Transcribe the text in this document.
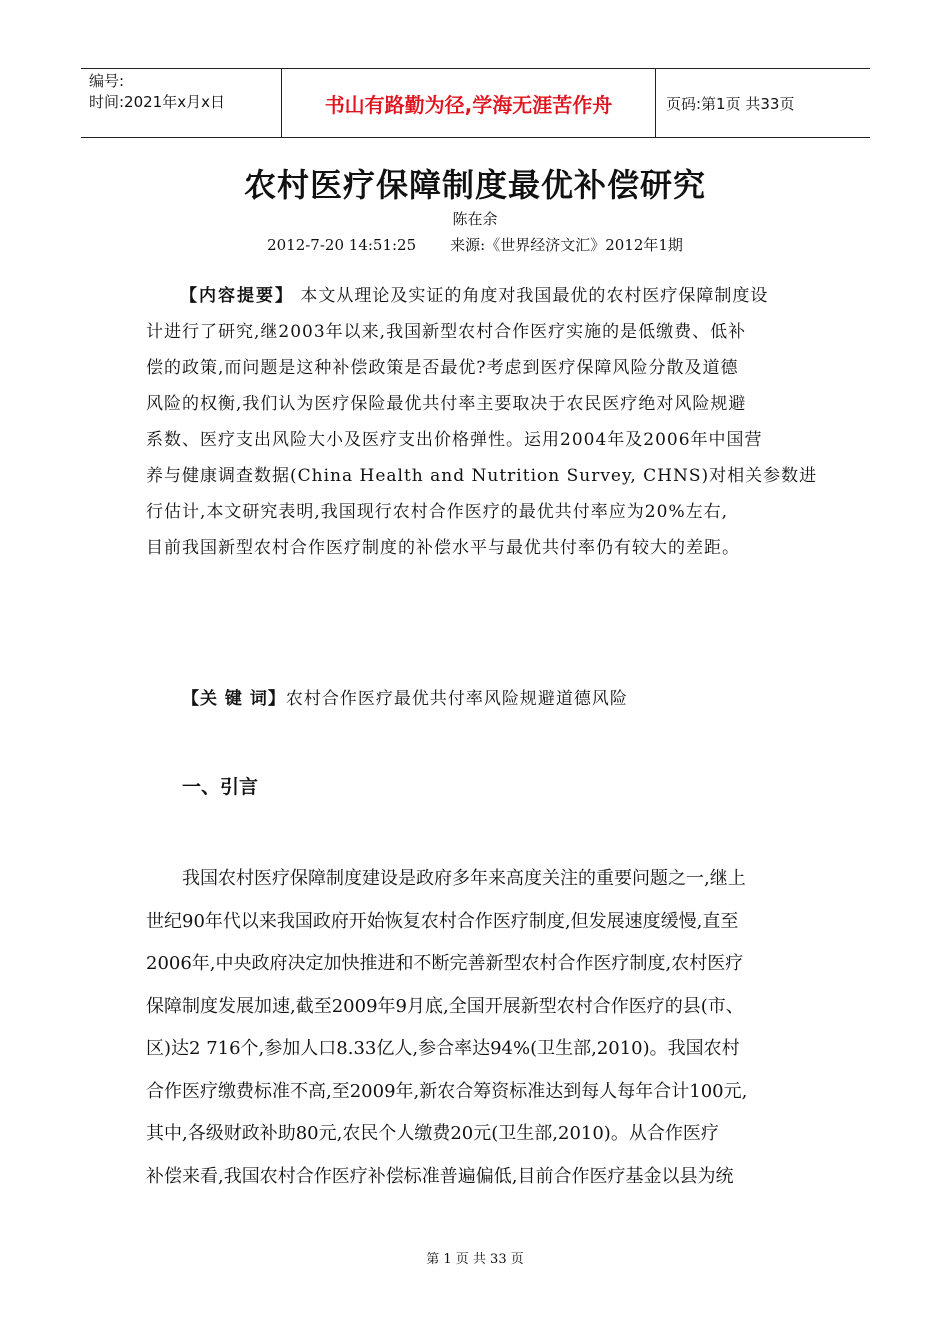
编号:
时间:2021年x月x日	书山有路勤为径,学海无涯苦作舟	页码:第1页 共33页
农村医疗保障制度最优补偿研究
陈在余
2012-7-20 14:51:25 来源:《世界经济文汇》2012年1期
【内容提要】 本文从理论及实证的角度对我国最优的农村医疗保障制度设
计进行了研究,继2003年以来,我国新型农村合作医疗实施的是低缴费、低补
偿的政策,而问题是这种补偿政策是否最优?考虑到医疗保障风险分散及道德
风险的权衡,我们认为医疗保险最优共付率主要取决于农民医疗绝对风险规避
系数、医疗支出风险大小及医疗支出价格弹性。运用2004年及2006年中国营
养与健康调查数据(China Health and Nutrition Survey, CHNS)对相关参数进
行估计,本文研究表明,我国现行农村合作医疗的最优共付率应为20%左右,
目前我国新型农村合作医疗制度的补偿水平与最优共付率仍有较大的差距。
【关 键 词】农村合作医疗最优共付率风险规避道德风险
一、引言
我国农村医疗保障制度建设是政府多年来高度关注的重要问题之一,继上
世纪90年代以来我国政府开始恢复农村合作医疗制度,但发展速度缓慢,直至
2006年,中央政府决定加快推进和不断完善新型农村合作医疗制度,农村医疗
保障制度发展加速,截至2009年9月底,全国开展新型农村合作医疗的县(市、
区)达2 716个,参加人口8.33亿人,参合率达94%(卫生部,2010)。我国农村
合作医疗缴费标准不高,至2009年,新农合筹资标准达到每人每年合计100元,
其中,各级财政补助80元,农民个人缴费20元(卫生部,2010)。从合作医疗
补偿来看,我国农村合作医疗补偿标准普遍偏低,目前合作医疗基金以县为统
第 1 页 共 33 页
